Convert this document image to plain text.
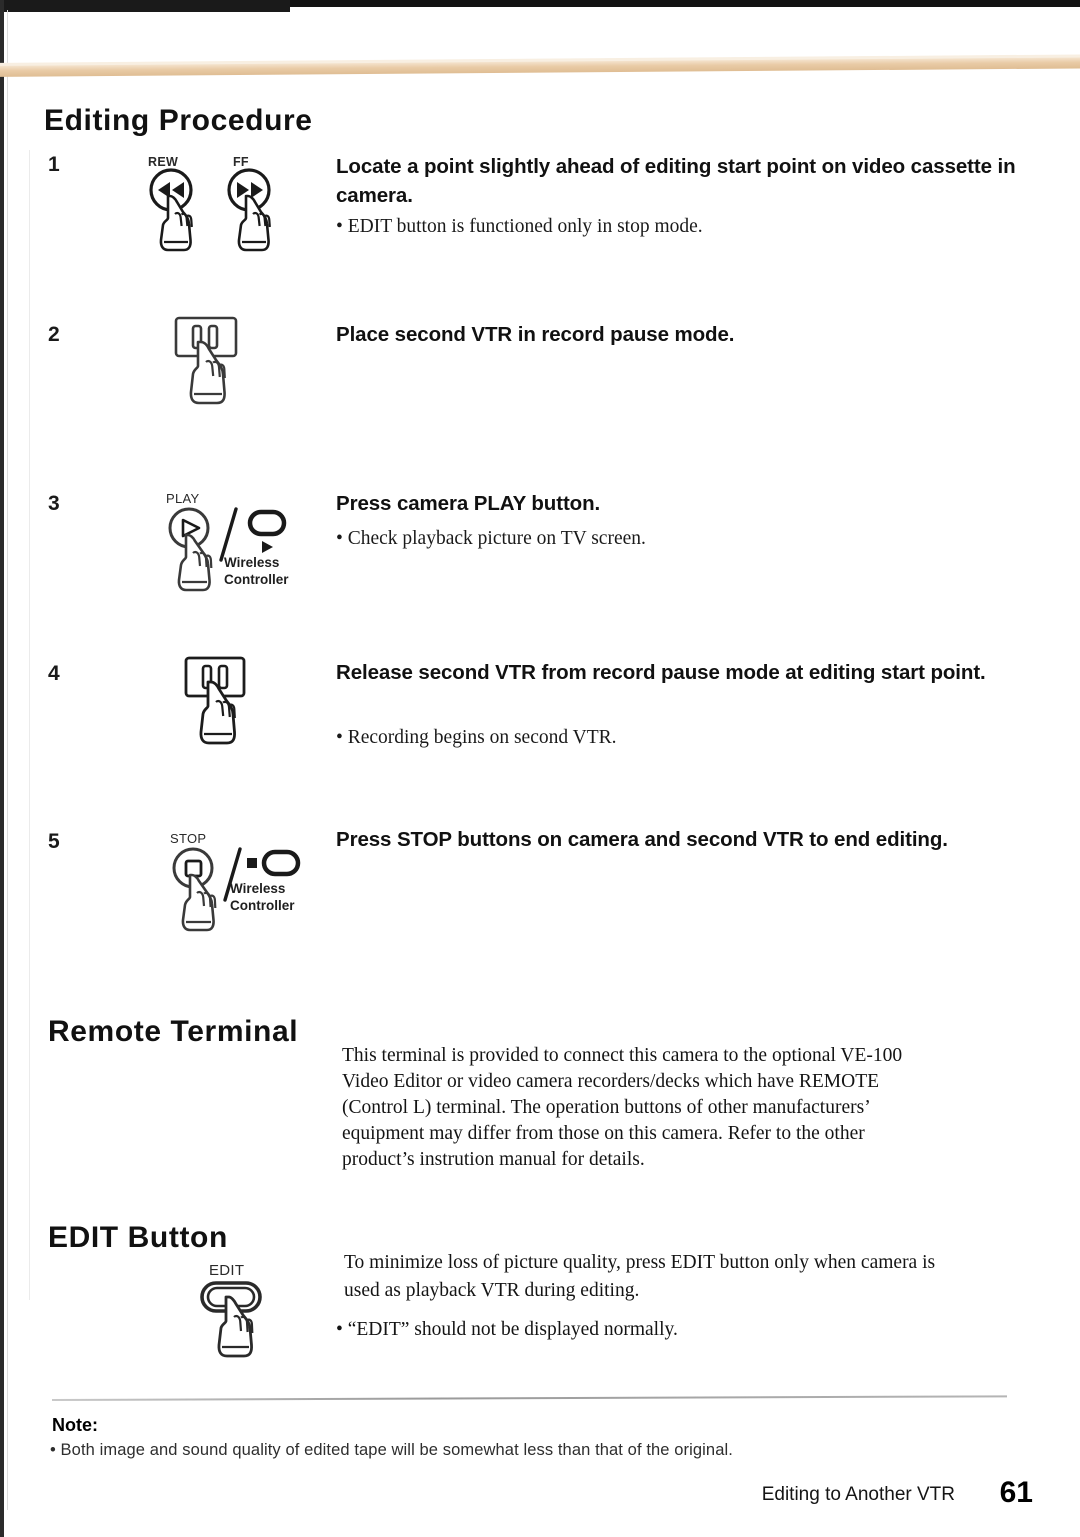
Editing Procedure
1	REW	FF	Locate a point slightly ahead of editing start point on video cassette in camera.
• EDIT button is functioned only in stop mode.
2	Place second VTR in record pause mode.
3	PLAY
Wireless
Controller
Press camera PLAY button.
• Check playback picture on TV screen.
4	Release second VTR from record pause mode at editing start point.
• Recording begins on second VTR.
5	STOP
Wireless
Controller
Press STOP buttons on camera and second VTR to end editing.
Remote Terminal
This terminal is provided to connect this camera to the optional VE-100
Video Editor or video camera recorders/decks which have REMOTE
(Control L) terminal. The operation buttons of other manufacturers’
equipment may differ from those on this camera. Refer to the other
product’s instrution manual for details.
EDIT Button
EDIT	To minimize loss of picture quality, press EDIT button only when camera is
used as playback VTR during editing.
• “EDIT” should not be displayed normally.
Note:
• Both image and sound quality of edited tape will be somewhat less than that of the original.
Editing to Another VTR 61
